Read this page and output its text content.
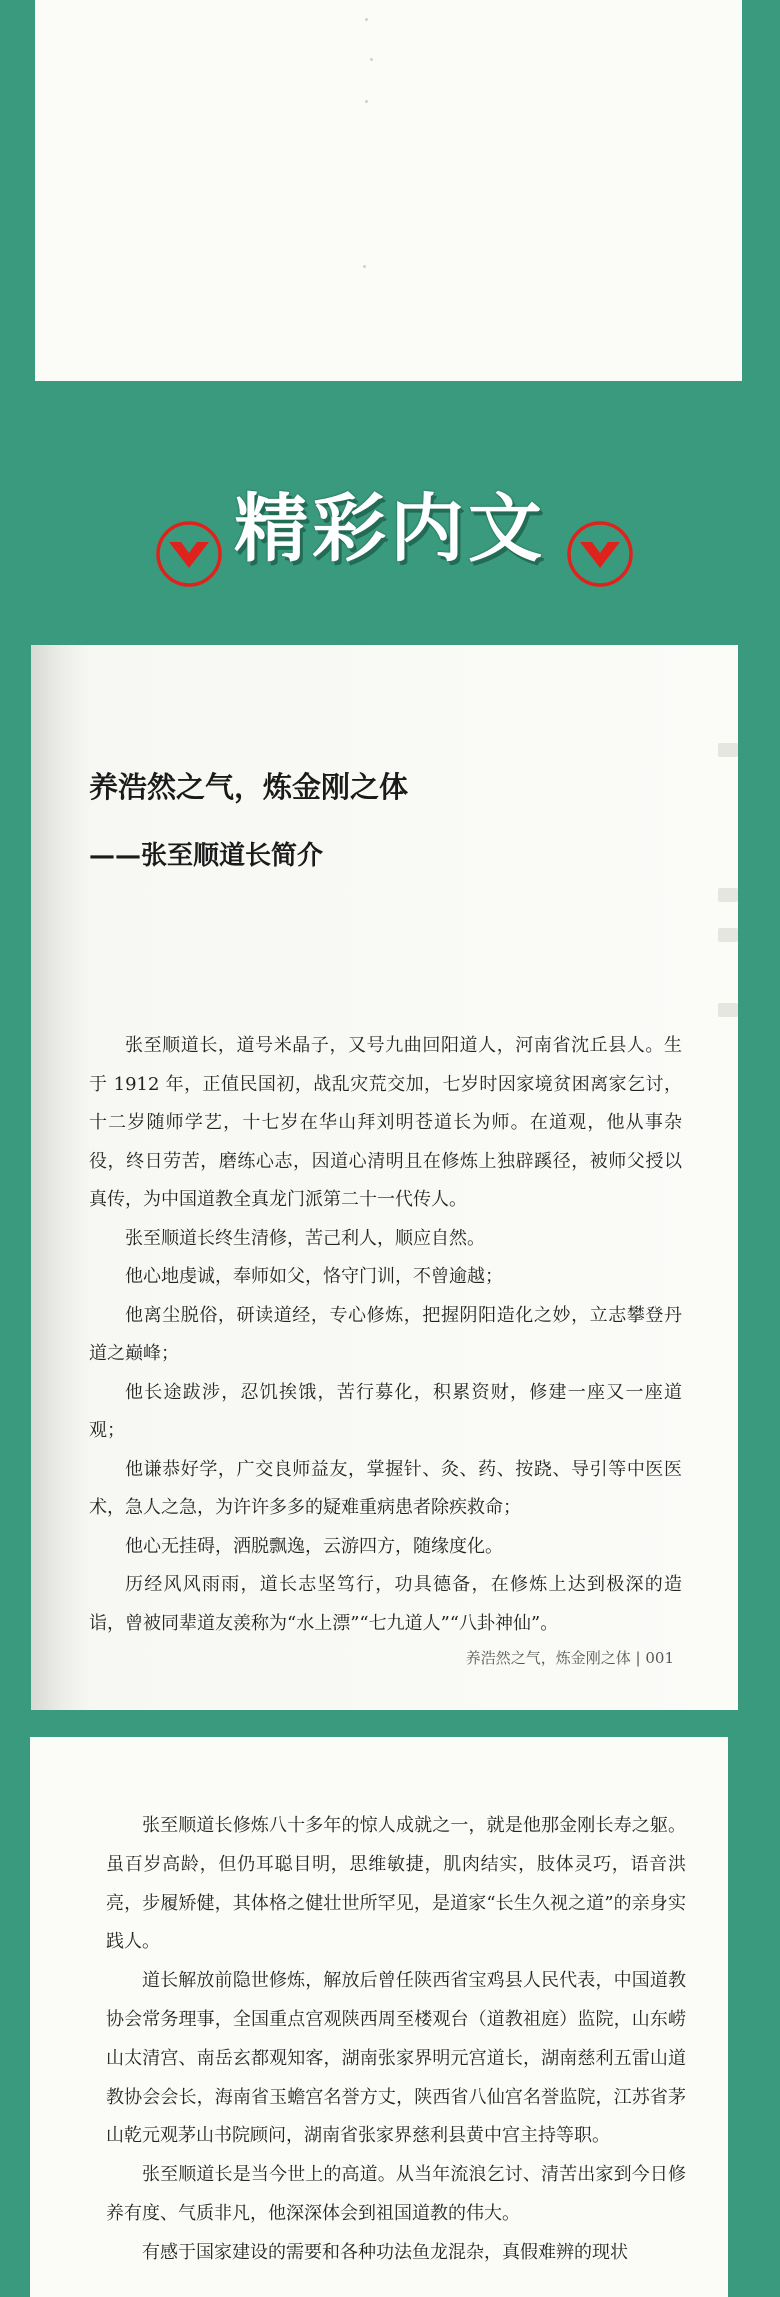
精彩内文
养浩然之气，炼金刚之体
——张至顺道长简介

张至顺道长，道号米晶子，又号九曲回阳道人，河南省沈丘县人。生于 1912 年，正值民国初，战乱灾荒交加，七岁时因家境贫困离家乞讨，十二岁随师学艺，十七岁在华山拜刘明苍道长为师。在道观，他从事杂役，终日劳苦，磨练心志，因道心清明且在修炼上独辟蹊径，被师父授以真传，为中国道教全真龙门派第二十一代传人。

张至顺道长终生清修，苦己利人，顺应自然。

他心地虔诚，奉师如父，恪守门训，不曾逾越；

他离尘脱俗，研读道经，专心修炼，把握阴阳造化之妙，立志攀登丹道之巅峰；

他长途跋涉，忍饥挨饿，苦行募化，积累资财，修建一座又一座道观；

他谦恭好学，广交良师益友，掌握针、灸、药、按跷、导引等中医医术，急人之急，为许许多多的疑难重病患者除疾救命；

他心无挂碍，洒脱飘逸，云游四方，随缘度化。

历经风风雨雨，道长志坚笃行，功具德备，在修炼上达到极深的造诣，曾被同辈道友羡称为“水上漂”“七九道人”“八卦神仙”。

养浩然之气，炼金刚之体 | 001

张至顺道长修炼八十多年的惊人成就之一，就是他那金刚长寿之躯。虽百岁高龄，但仍耳聪目明，思维敏捷，肌肉结实，肢体灵巧，语音洪亮，步履矫健，其体格之健壮世所罕见，是道家“长生久视之道”的亲身实践人。

道长解放前隐世修炼，解放后曾任陕西省宝鸡县人民代表，中国道教协会常务理事，全国重点宫观陕西周至楼观台（道教祖庭）监院，山东崂山太清宫、南岳玄都观知客，湖南张家界明元宫道长，湖南慈利五雷山道教协会会长，海南省玉蟾宫名誉方丈，陕西省八仙宫名誉监院，江苏省茅山乾元观茅山书院顾问，湖南省张家界慈利县黄中宫主持等职。

张至顺道长是当今世上的高道。从当年流浪乞讨、清苦出家到今日修养有度、气质非凡，他深深体会到祖国道教的伟大。

有感于国家建设的需要和各种功法鱼龙混杂，真假难辨的现状
